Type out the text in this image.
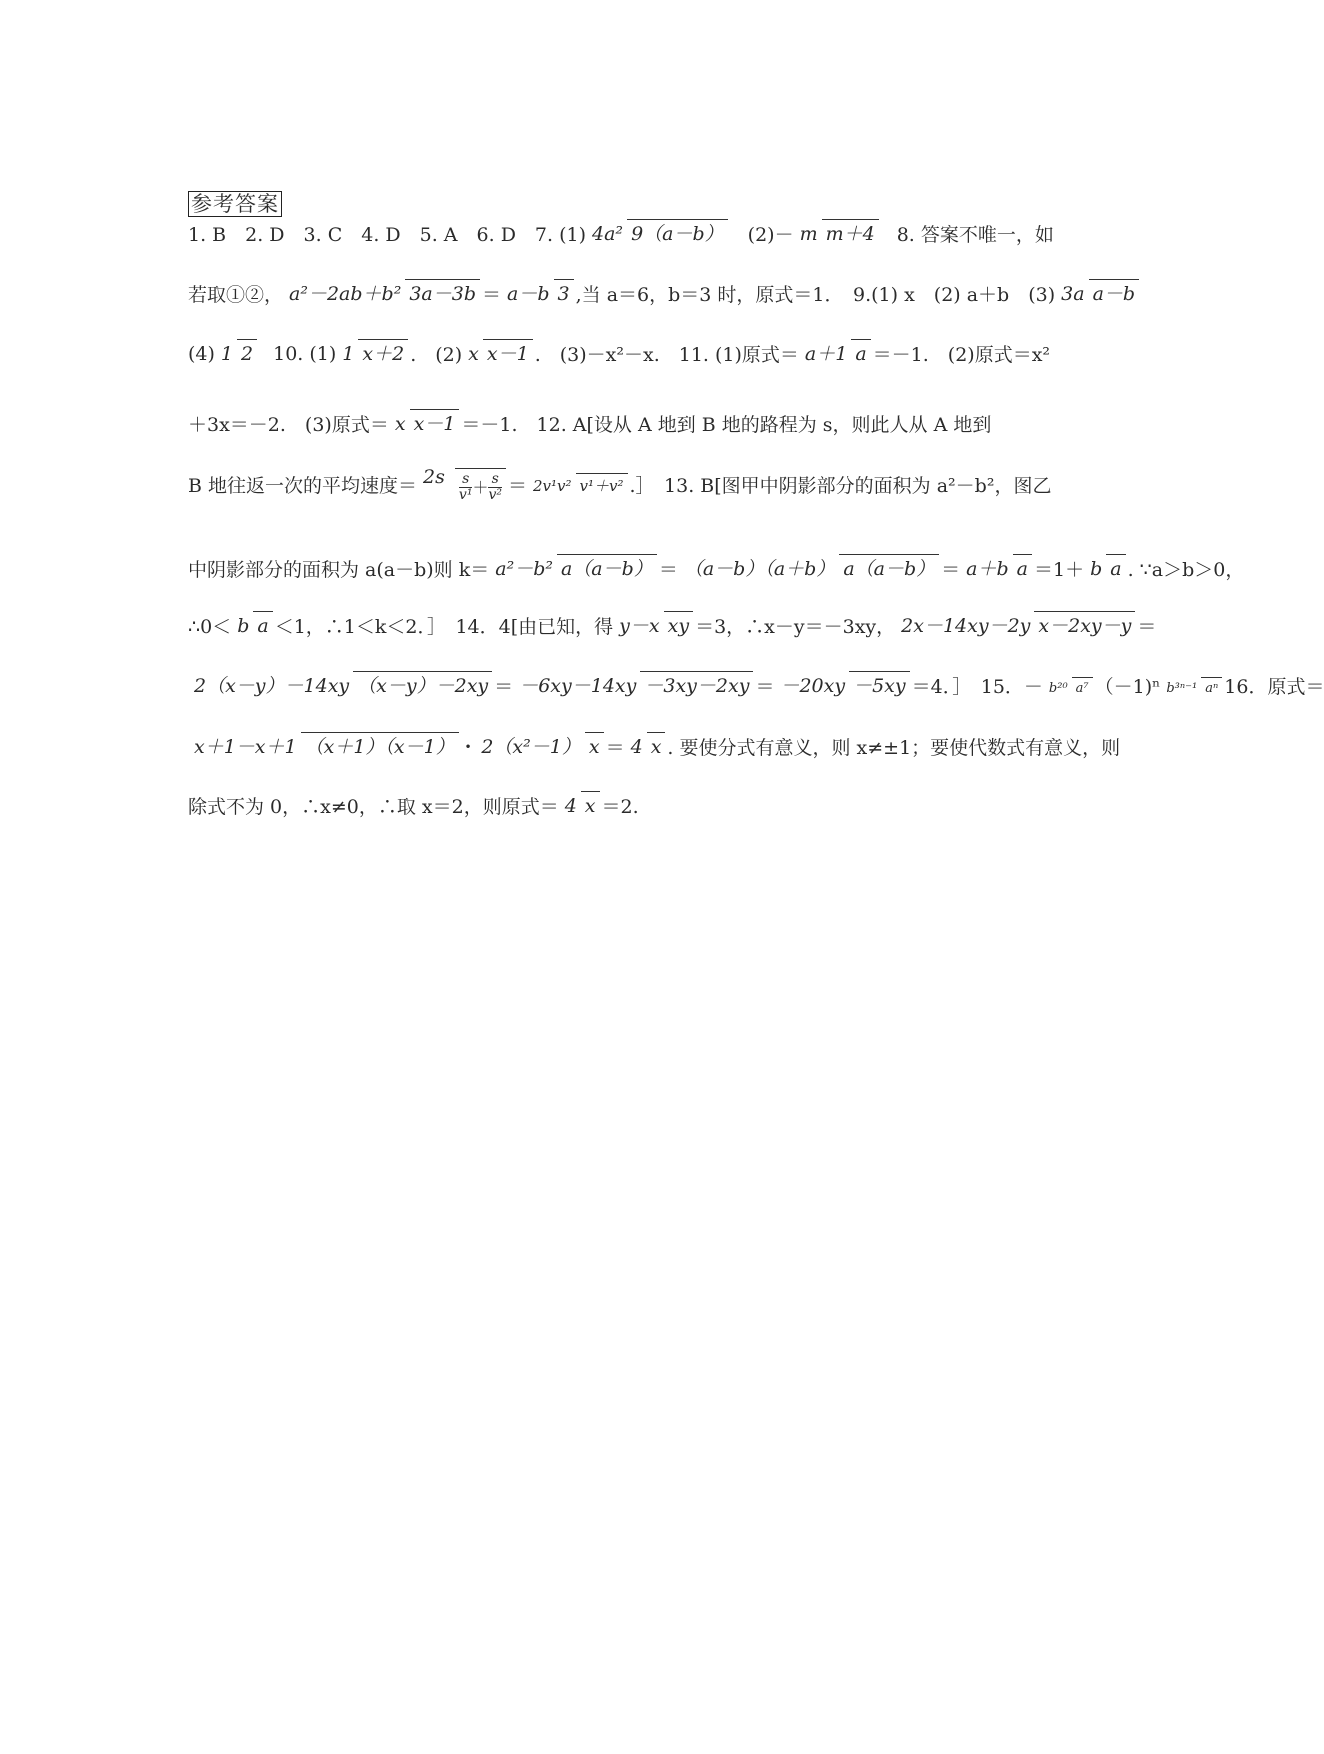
参考答案
1. B　2. D　3. C　4. D　5. A　6. D　7. (1) 4a² 9（a－b） (2)－ m m＋4 8. 答案不唯一，如
若取①②， a²－2ab＋b² 3a－3b ＝ a－b 3 ,当 a＝6，b＝3 时，原式＝1．　9.(1) x　(2) a＋b　(3) 3a a－b
(4) 1 2 10. (1) 1 x＋2 .　(2) x x－1 .　(3)－x²－x.　11. (1)原式＝ a＋1 a ＝－1.　(2)原式＝x²
＋3x＝－2.　(3)原式＝ x x－1 ＝－1.　12. A[设从 A 地到 B 地的路程为 s，则此人从 A 地到
B 地往返一次的平均速度＝ 2s s
v¹ ＋ s
v² ＝ 2v¹v² v¹＋v² .］　13. B[图甲中阴影部分的面积为 a²－b²，图乙
中阴影部分的面积为 a(a－b)则 k＝ a²－b² a（a－b） ＝ （a－b）（a＋b） a（a－b） ＝ a＋b a ＝1＋ b a . ∵a＞b＞0，
∴0＜ b a ＜1，∴1＜k＜2．］　14．4[由已知，得 y－x xy ＝3，∴x－y＝－3xy， 2x－14xy－2y x－2xy－y ＝
2（x－y）－14xy （x－y）－2xy ＝ －6xy－14xy －3xy－2xy ＝ －20xy －5xy ＝4．］　15．－ b²⁰ a⁷ （－1)ⁿ b³ⁿ⁻¹ aⁿ 16．原式＝
x＋1－x＋1 （x＋1）（x－1） · 2（x²－1） x ＝ 4 x . 要使分式有意义，则 x≠±1；要使代数式有意义，则
除式不为 0，∴x≠0，∴取 x＝2，则原式＝ 4 x ＝2.
